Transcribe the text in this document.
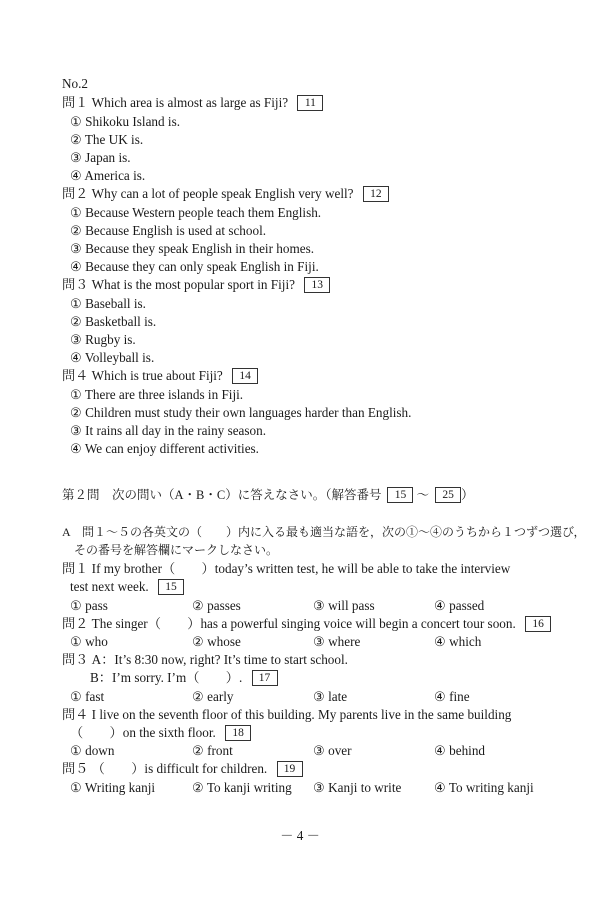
No.2
問１ Which area is almost as large as Fiji? 11
① Shikoku Island is.
② The UK is.
③ Japan is.
④ America is.
問２ Why can a lot of people speak English very well? 12
① Because Western people teach them English.
② Because English is used at school.
③ Because they speak English in their homes.
④ Because they can only speak English in Fiji.
問３ What is the most popular sport in Fiji? 13
① Baseball is.
② Basketball is.
③ Rugby is.
④ Volleyball is.
問４ Which is true about Fiji? 14
① There are three islands in Fiji.
② Children must study their own languages harder than English.
③ It rains all day in the rainy season.
④ We can enjoy different activities.
第２問　次の問い（A・B・C）に答えなさい。（解答番号 15 ～ 25 ）
A　問１～５の各英文の（　　）内に入る最も適当な語を，次の①～④のうちから１つずつ選び，
その番号を解答欄にマークしなさい。
問１ If my brother（　　）today’s written test, he will be able to take the interview
test next week. 15
① pass	② passes	③ will pass	④ passed
問２ The singer（　　）has a powerful singing voice will begin a concert tour soon. 16
① who	② whose	③ where	④ which
問３ A：It’s 8:30 now, right? It’s time to start school.
B：I’m sorry. I’m（　　）. 17
① fast	② early	③ late	④ fine
問４ I live on the seventh floor of this building. My parents live in the same building
（　　）on the sixth floor. 18
① down	② front	③ over	④ behind
問５ （　　）is difficult for children. 19
① Writing kanji	② To kanji writing ③ Kanji to write ④ To writing kanji
－ 4 －
